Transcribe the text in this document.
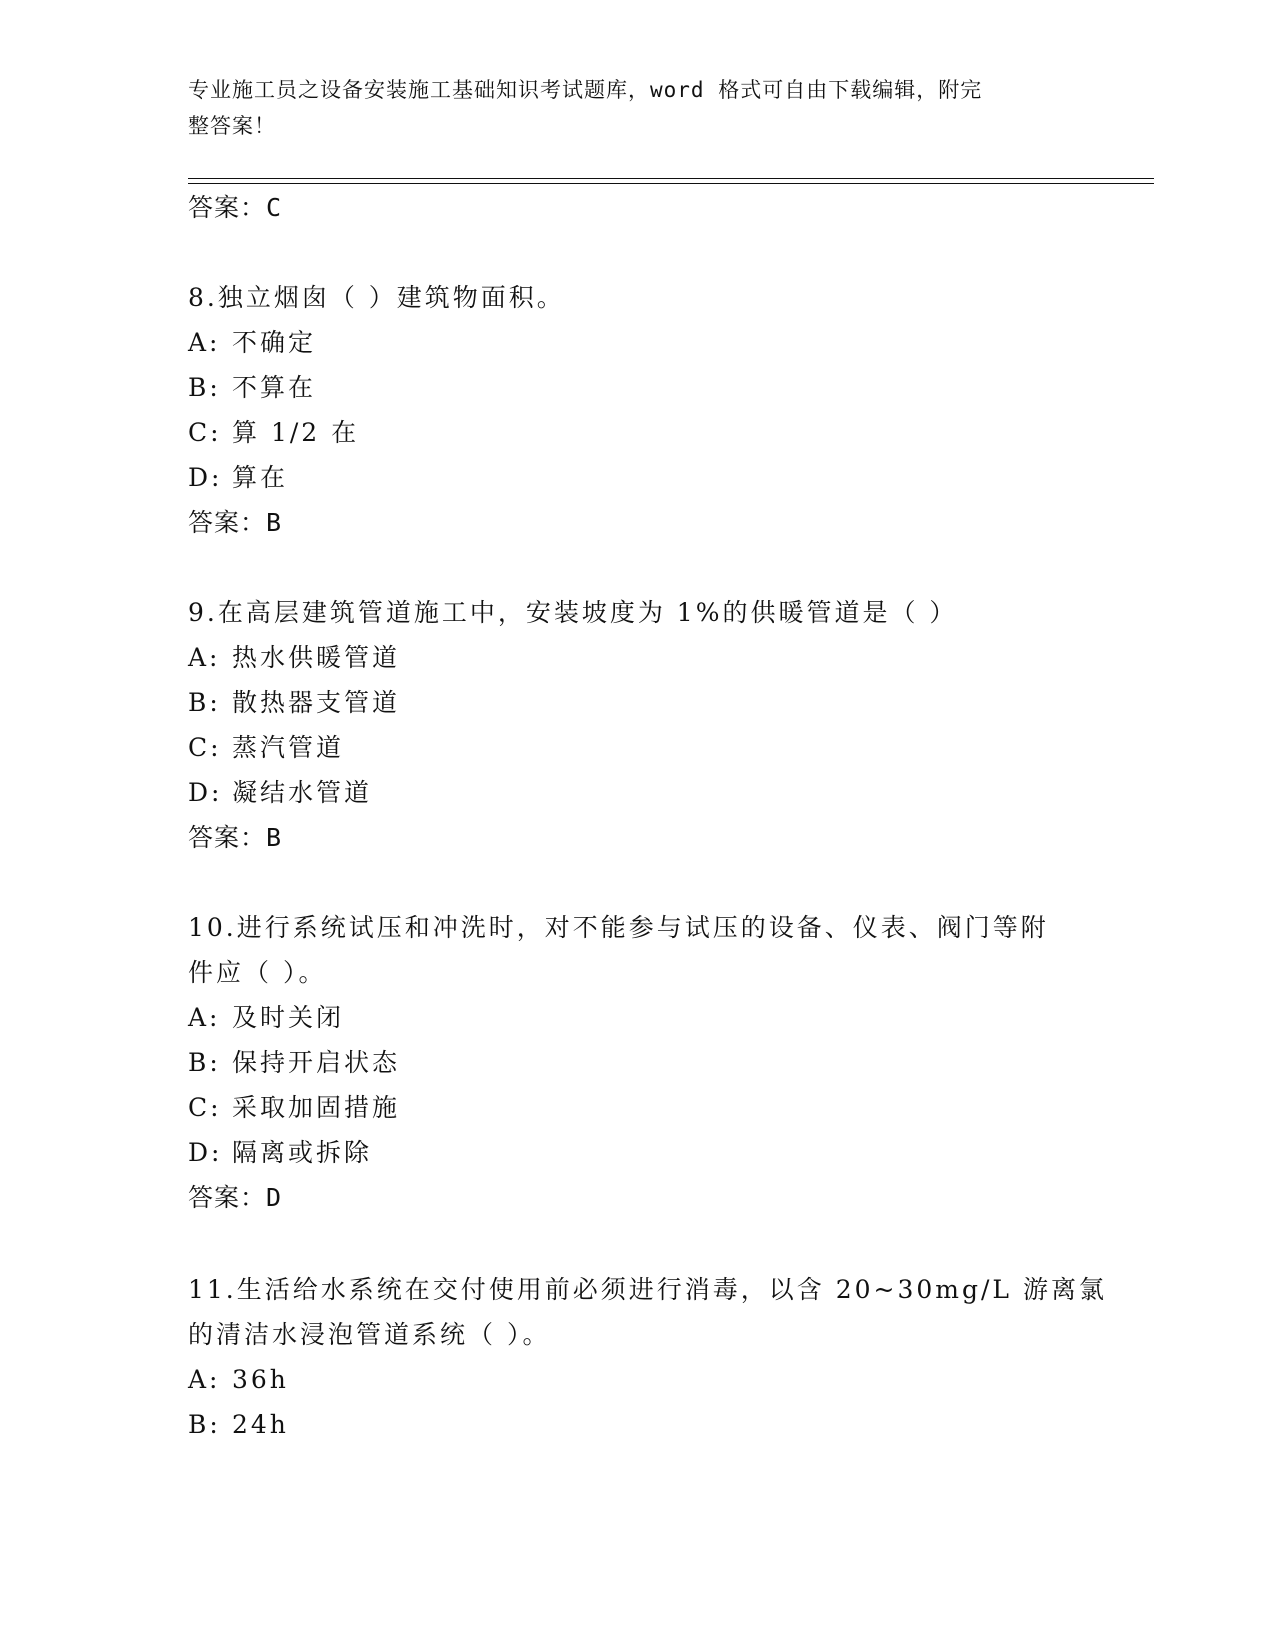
专业施工员之设备安装施工基础知识考试题库，word 格式可自由下载编辑，附完
整答案！
答案：C
8.独立烟囱（ ）建筑物面积。
A: 不确定
B: 不算在
C: 算 1/2 在
D: 算在
答案：B
9.在高层建筑管道施工中，安装坡度为 1%的供暖管道是（ ）
A: 热水供暖管道
B: 散热器支管道
C: 蒸汽管道
D: 凝结水管道
答案：B
10.进行系统试压和冲洗时，对不能参与试压的设备、仪表、阀门等附
件应（ ）。
A: 及时关闭
B: 保持开启状态
C: 采取加固措施
D: 隔离或拆除
答案：D
11.生活给水系统在交付使用前必须进行消毒，以含 20~30mg/L 游离氯
的清洁水浸泡管道系统（ ）。
A: 36h
B: 24h
